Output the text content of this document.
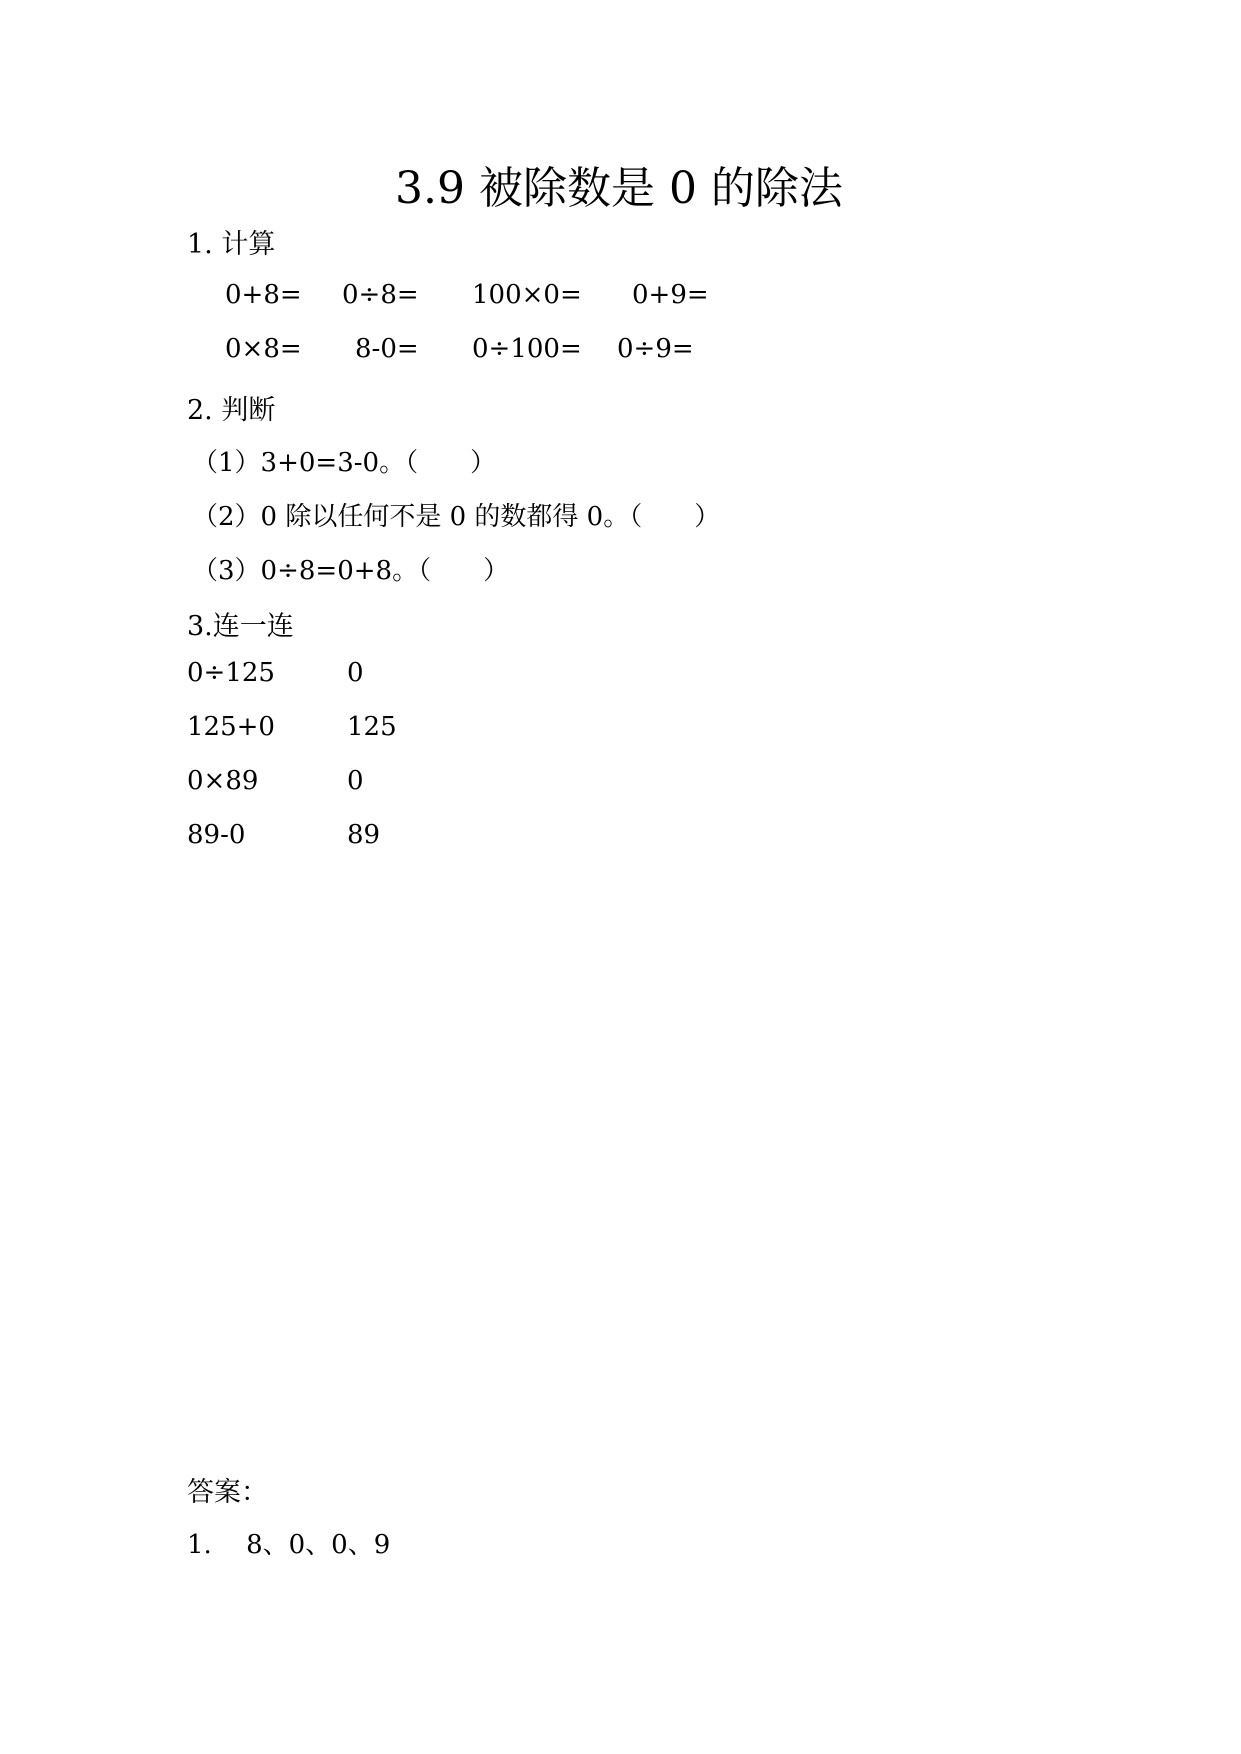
3.9 被除数是 0 的除法
1. 计算
0+8= 0÷8= 100×0= 0+9=
0×8= 8-0= 0÷100= 0÷9=
2. 判断
（1）3+0=3-0。（　　）
（2）0 除以任何不是 0 的数都得 0。（　　）
（3）0÷8=0+8。（　　）
3.连一连
0÷125	0
125+0	125
0×89	0
89-0	89
答案：
1.　 8、0、0、9
